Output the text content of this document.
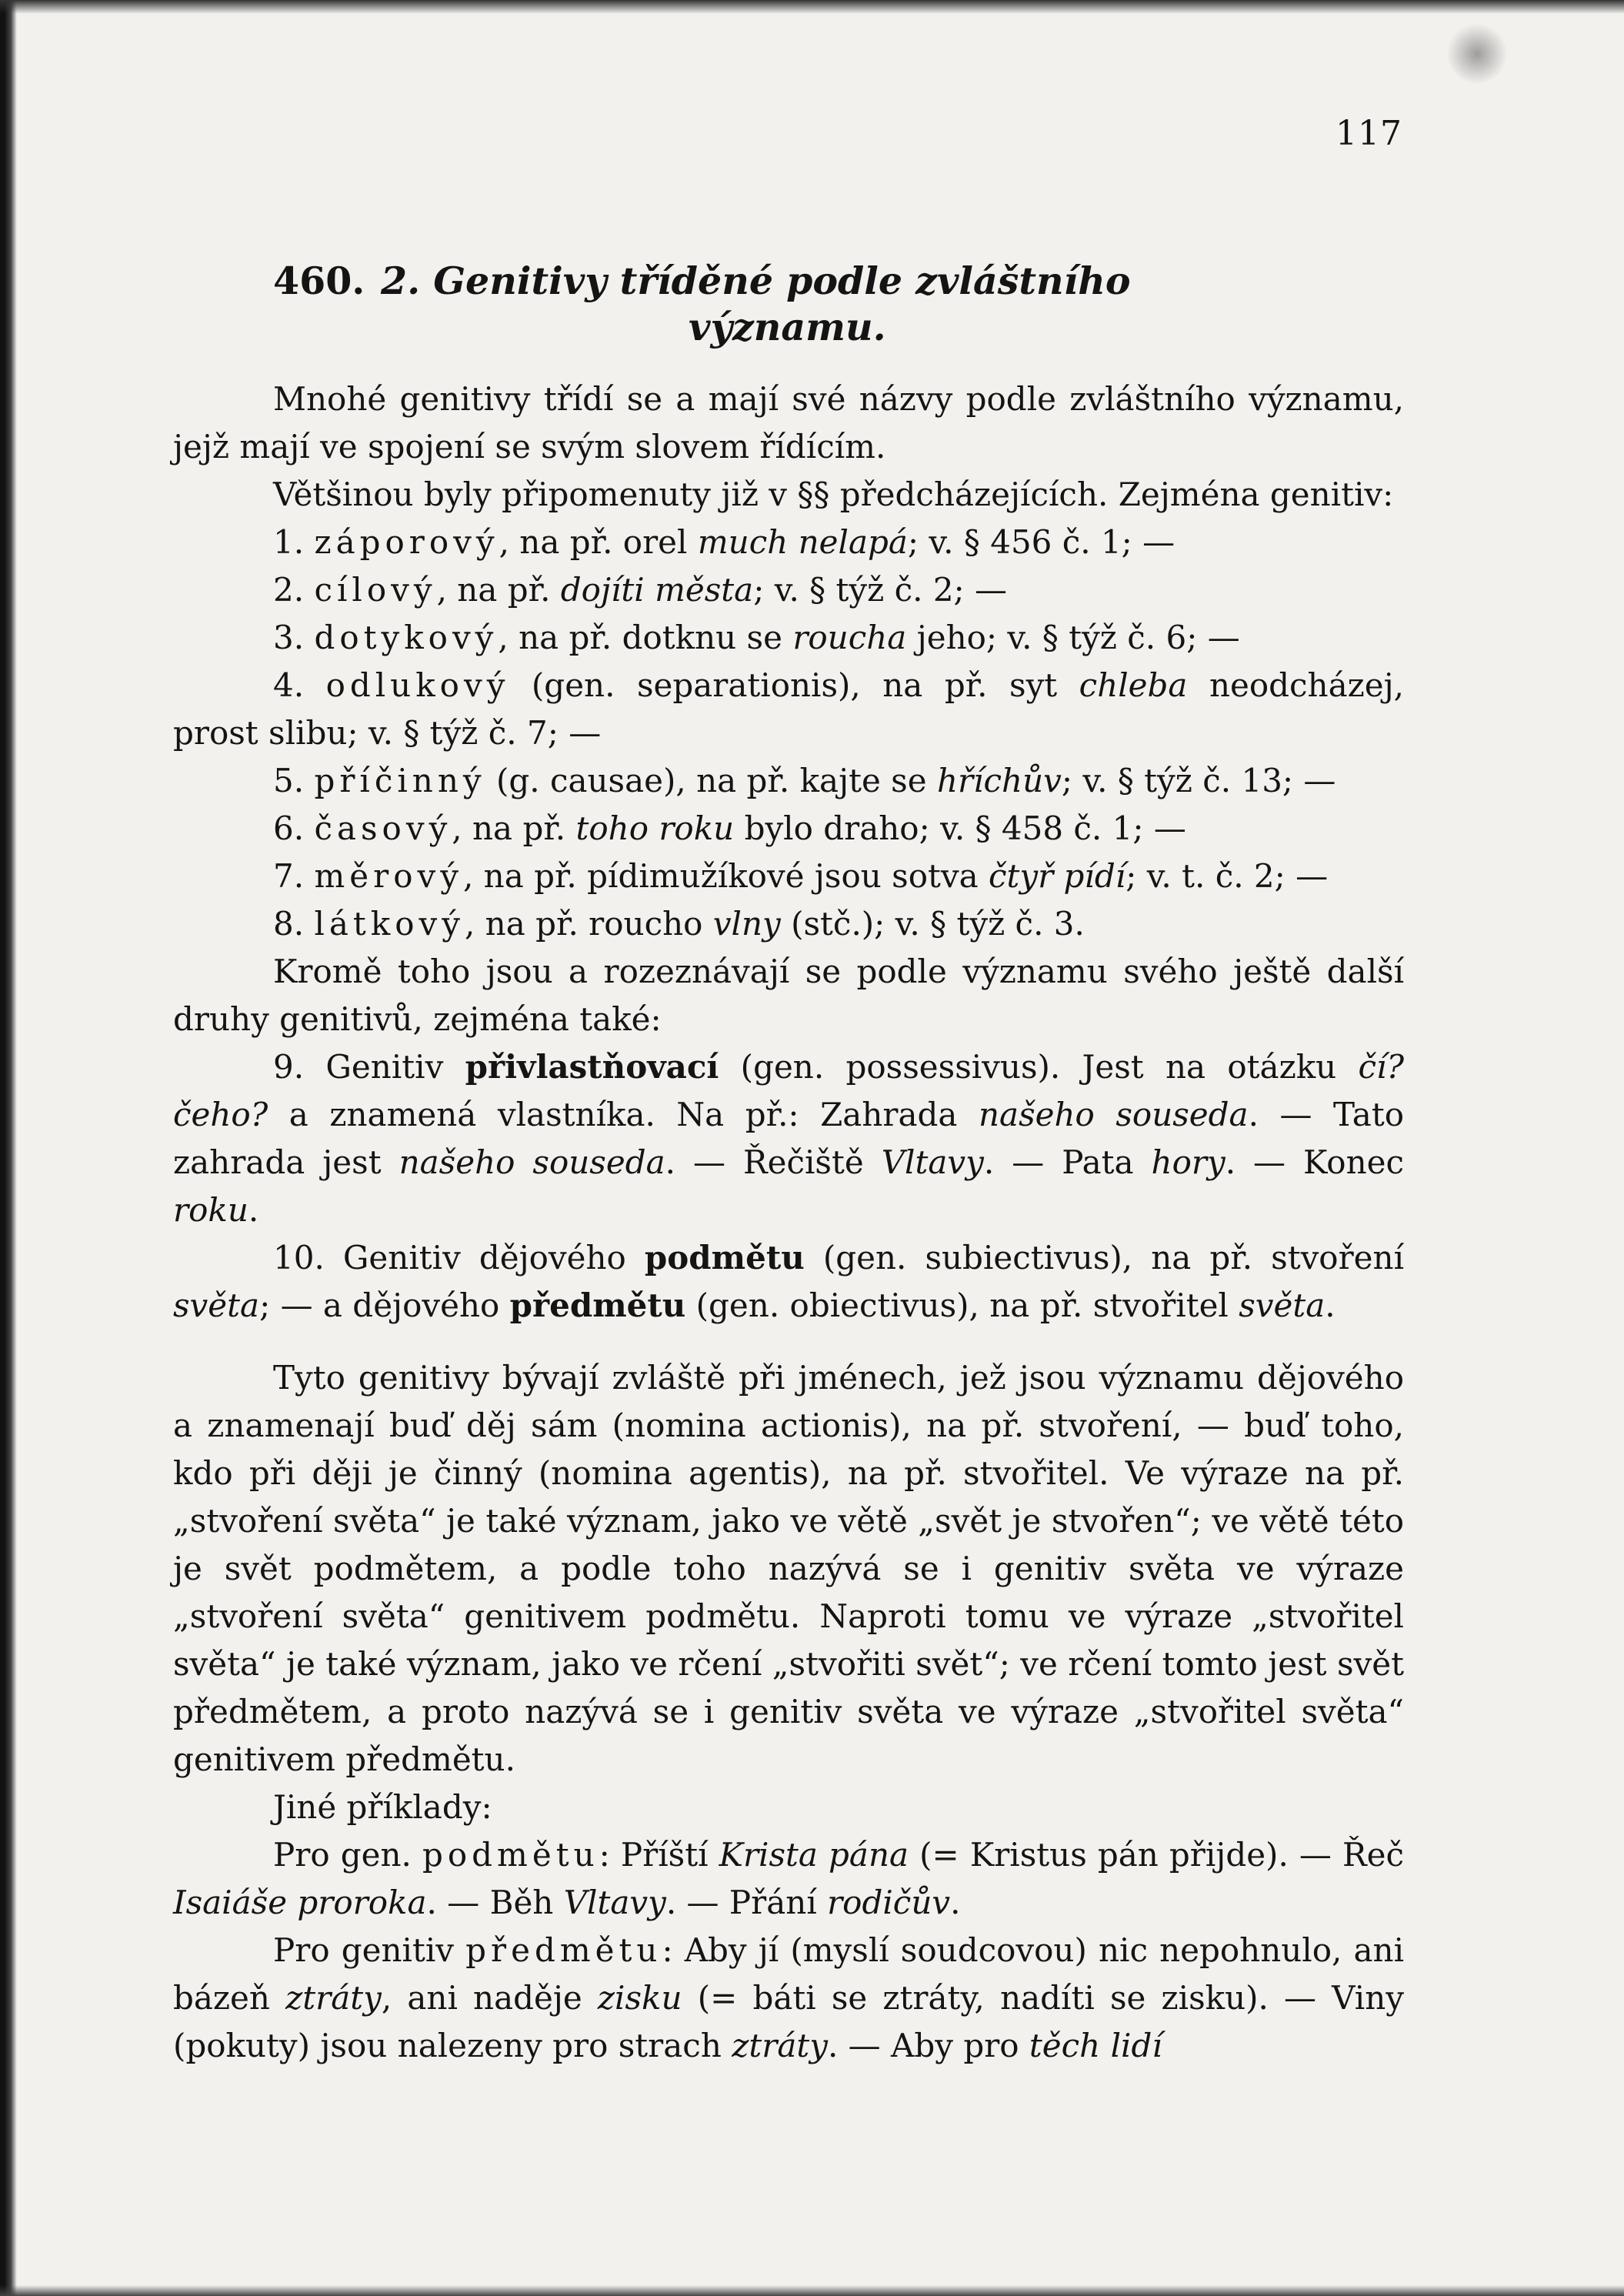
117
460. 2. Genitivy tříděné podle zvláštního
významu.

Mnohé genitivy třídí se a mají své názvy podle zvláštního významu, jejž mají ve spojení se svým slovem řídícím.

Většinou byly připomenuty již v §§ předcházejících. Zejména genitiv:

1. záporový, na př. orel much nelapá; v. § 456 č. 1; —
2. cílový, na př. dojíti města; v. § týž č. 2; —
3. dotykový, na př. dotknu se roucha jeho; v. § týž č. 6; —
4. odlukový (gen. separationis), na př. syt chleba neodcházej, prost slibu; v. § týž č. 7; —
5. příčinný (g. causae), na př. kajte se hříchův; v. § týž č. 13; —
6. časový, na př. toho roku bylo draho; v. § 458 č. 1; —
7. měrový, na př. pídimužíkové jsou sotva čtyř pídí; v. t. č. 2; —
8. látkový, na př. roucho vlny (stč.); v. § týž č. 3.

Kromě toho jsou a rozeznávají se podle významu svého ještě další druhy genitivů, zejména také:

9. Genitiv přivlastňovací (gen. possessivus). Jest na otázku čí? čeho? a znamená vlastníka. Na př.: Zahrada našeho souseda. — Tato zahrada jest našeho souseda. — Řečiště Vltavy. — Pata hory. — Konec roku.

10. Genitiv dějového podmětu (gen. subiectivus), na př. stvoření světa; — a dějového předmětu (gen. obiectivus), na př. stvořitel světa.

Tyto genitivy bývají zvláště při jménech, jež jsou významu dějového a znamenají buď děj sám (nomina actionis), na př. stvoření, — buď toho, kdo při ději je činný (nomina agentis), na př. stvořitel. Ve výraze na př. „stvoření světa“ je také význam, jako ve větě „svět je stvořen“; ve větě této je svět podmětem, a podle toho nazývá se i genitiv světa ve výraze „stvoření světa“ genitivem podmětu. Naproti tomu ve výraze „stvořitel světa“ je také význam, jako ve rčení „stvořiti svět“; ve rčení tomto jest svět předmětem, a proto nazývá se i genitiv světa ve výraze „stvořitel světa“ genitivem předmětu.

Jiné příklady:

Pro gen. podmětu: Příští Krista pána (= Kristus pán přijde). — Řeč Isaiáše proroka. — Běh Vltavy. — Přání rodičův.

Pro genitiv předmětu: Aby jí (myslí soudcovou) nic nepohnulo, ani bázeň ztráty, ani naděje zisku (= báti se ztráty, nadíti se zisku). — Viny (pokuty) jsou nalezeny pro strach ztráty. — Aby pro těch lidí
